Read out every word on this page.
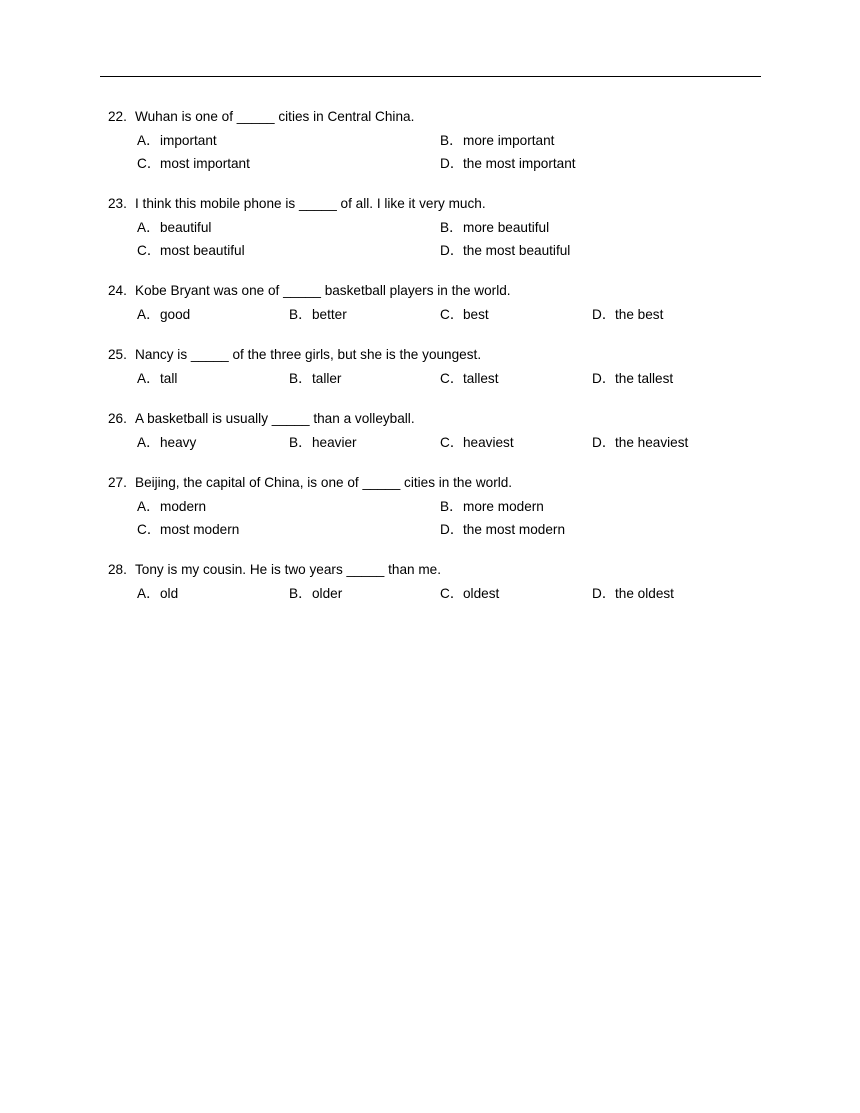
22. Wuhan is one of _____ cities in Central China.
A．important	B．more important
C．most important	D．the most important
23. I think this mobile phone is _____ of all. I like it very much.
A．beautiful	B．more beautiful
C．most beautiful	D．the most beautiful
24. Kobe Bryant was one of _____ basketball players in the world.
A．good	B．better	C．best	D．the best
25. Nancy is _____ of the three girls, but she is the youngest.
A．tall	B．taller	C．tallest	D．the tallest
26. A basketball is usually _____ than a volleyball.
A．heavy	B．heavier	C．heaviest	D．the heaviest
27. Beijing, the capital of China, is one of _____ cities in the world.
A．modern	B．more modern
C．most modern	D．the most modern
28. Tony is my cousin. He is two years _____ than me.
A．old	B．older	C．oldest	D．the oldest
